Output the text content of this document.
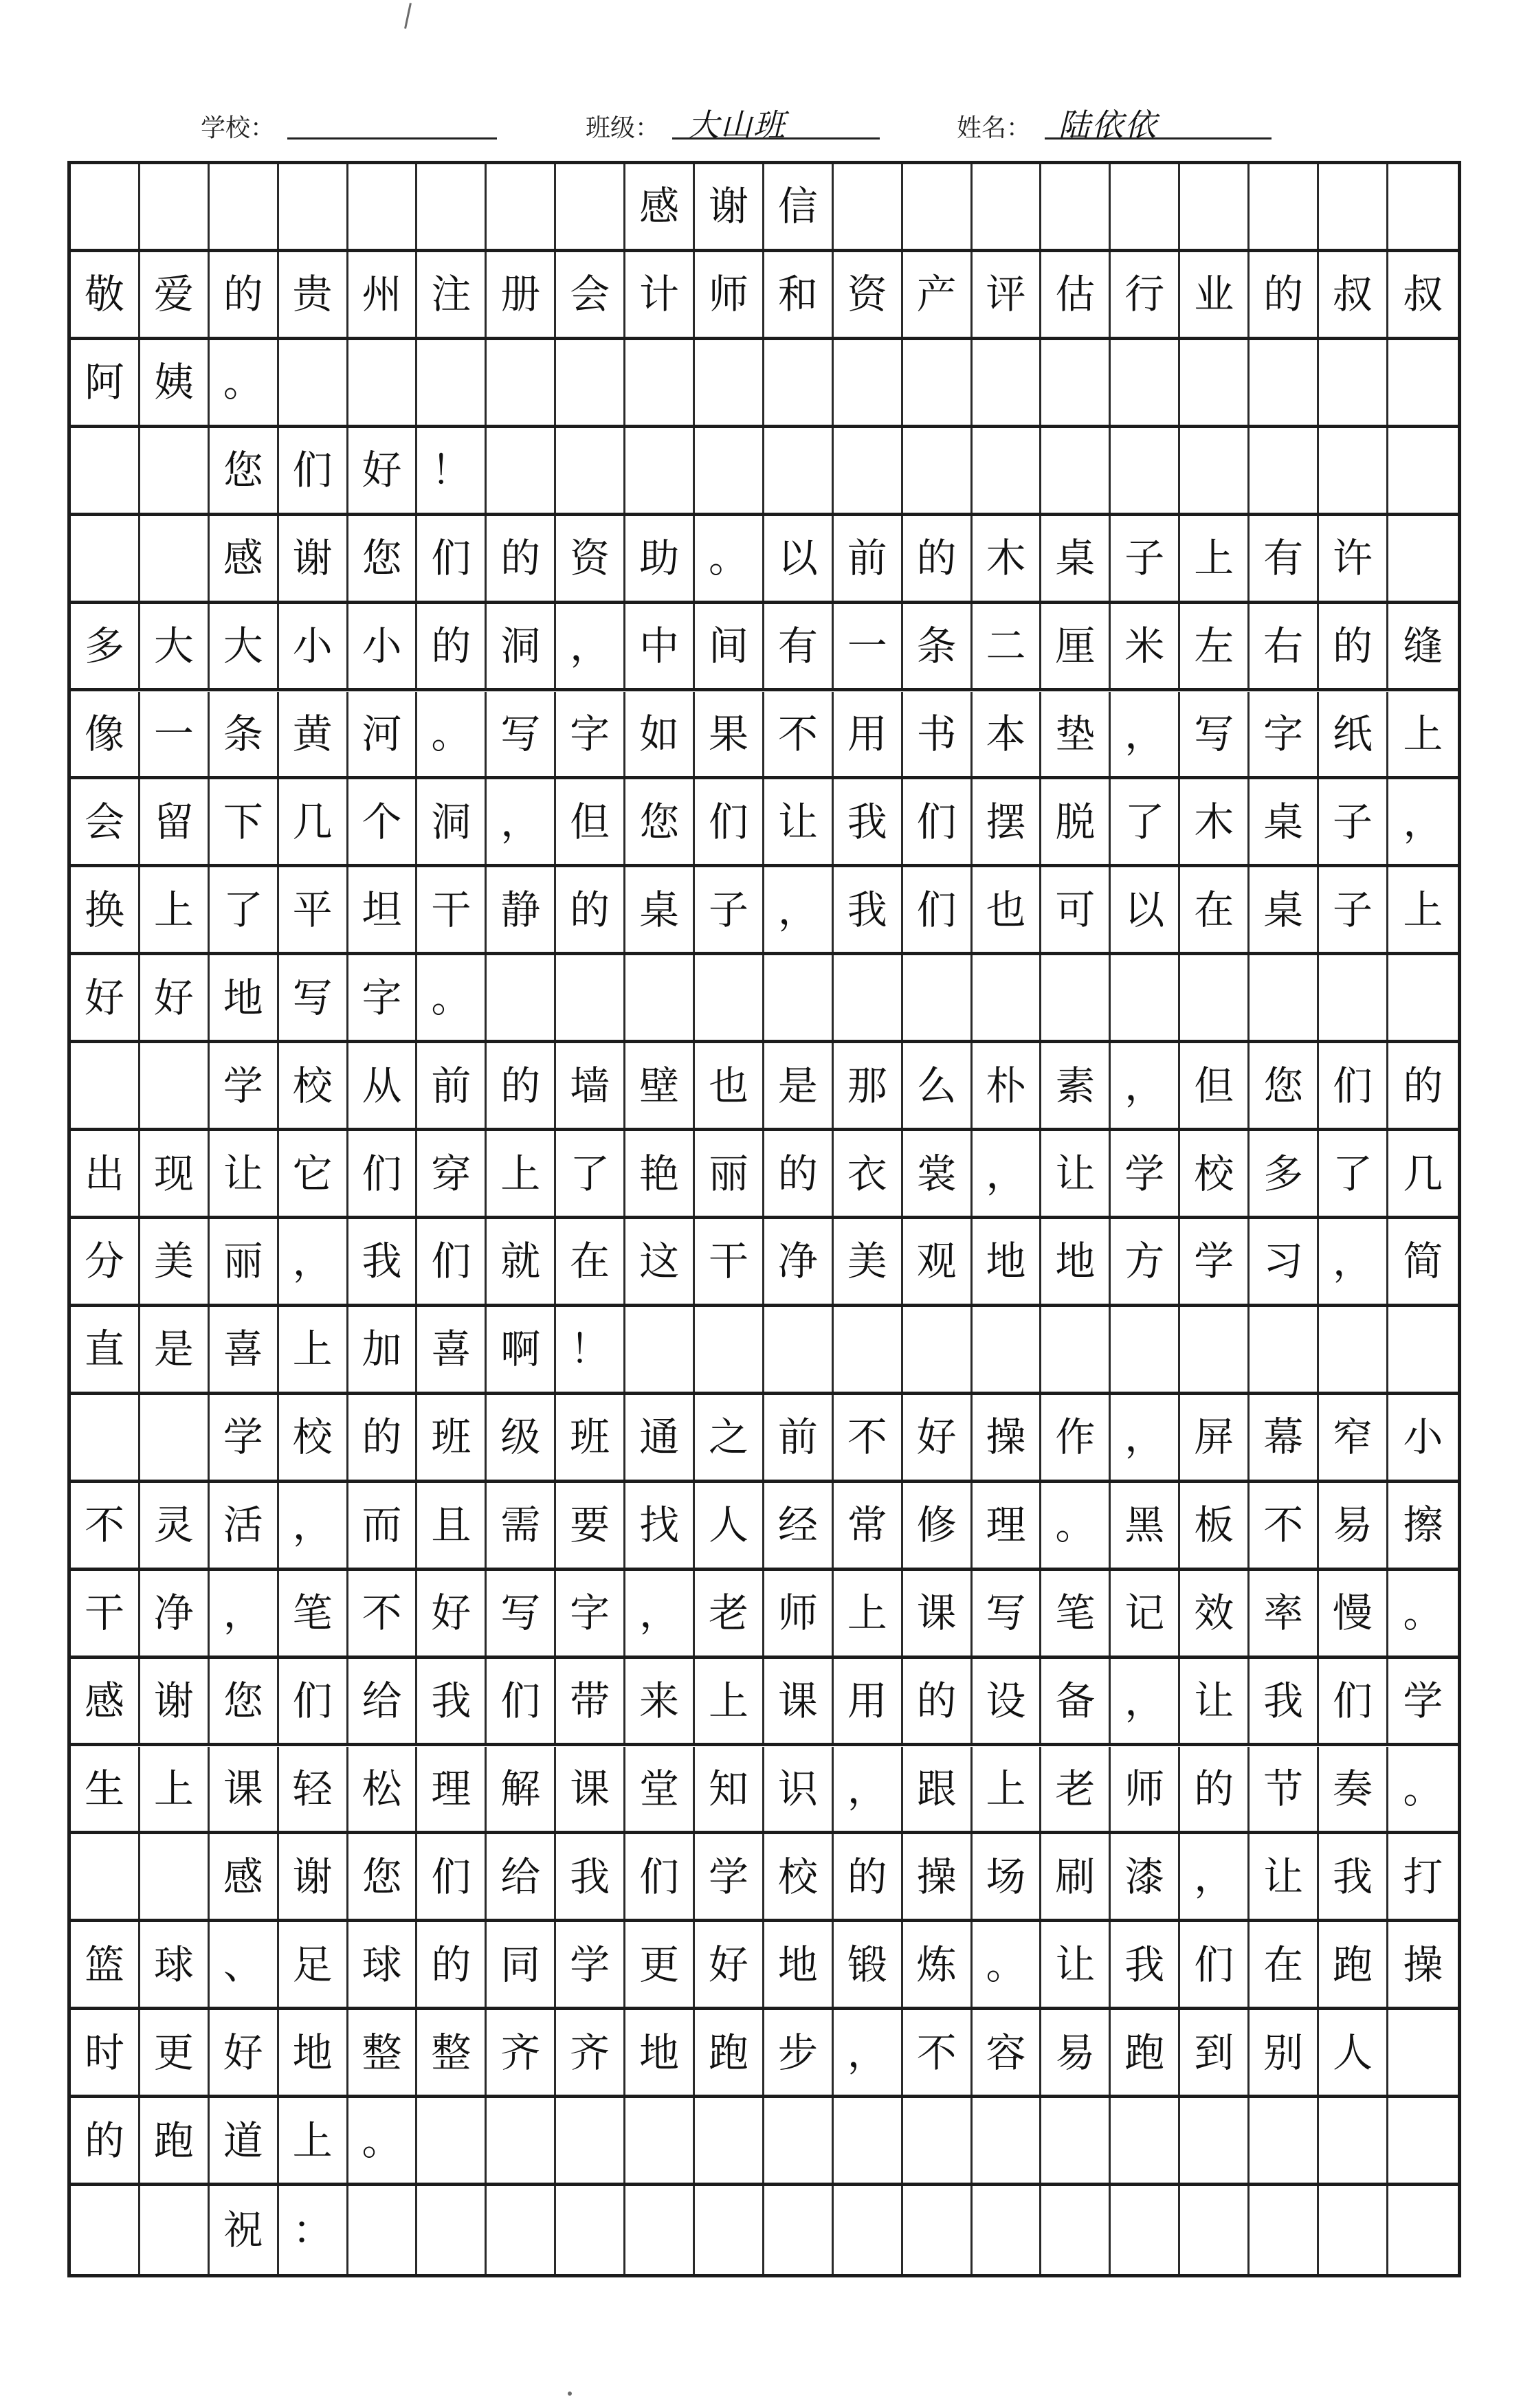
学校：	班级： 大山班	姓名： 陆依依
感 谢 信
敬 爱 的 贵 州 注 册 会 计 师 和 资 产 评 估 行 业 的 叔 叔
阿 姨 。
您 们 好 ！
感 谢 您 们 的 资 助 。 以 前 的 木 桌 子 上 有 许
多 大 大 小 小 的 洞 ， 中 间 有 一 条 二 厘 米 左 右 的 缝
像 一 条 黄 河 。 写 字 如 果 不 用 书 本 垫 ， 写 字 纸 上
会 留 下 几 个 洞 ， 但 您 们 让 我 们 摆 脱 了 木 桌 子 ，
换 上 了 平 坦 干 静 的 桌 子 ， 我 们 也 可 以 在 桌 子 上
好 好 地 写 字 。
学 校 从 前 的 墙 壁 也 是 那 么 朴 素 ， 但 您 们 的
出 现 让 它 们 穿 上 了 艳 丽 的 衣 裳 ， 让 学 校 多 了 几
分 美 丽 ， 我 们 就 在 这 干 净 美 观 地 地 方 学 习 ， 简
直 是 喜 上 加 喜 啊 ！
学 校 的 班 级 班 通 之 前 不 好 操 作 ， 屏 幕 窄 小
不 灵 活 ， 而 且 需 要 找 人 经 常 修 理 。 黑 板 不 易 擦
干 净 ， 笔 不 好 写 字 ， 老 师 上 课 写 笔 记 效 率 慢 。
感 谢 您 们 给 我 们 带 来 上 课 用 的 设 备 ， 让 我 们 学
生 上 课 轻 松 理 解 课 堂 知 识 ， 跟 上 老 师 的 节 奏 。
感 谢 您 们 给 我 们 学 校 的 操 场 刷 漆 ， 让 我 打
篮 球 、 足 球 的 同 学 更 好 地 锻 炼 。 让 我 们 在 跑 操
时 更 好 地 整 整 齐 齐 地 跑 步 ， 不 容 易 跑 到 别 人
的 跑 道 上 。
祝 ：
